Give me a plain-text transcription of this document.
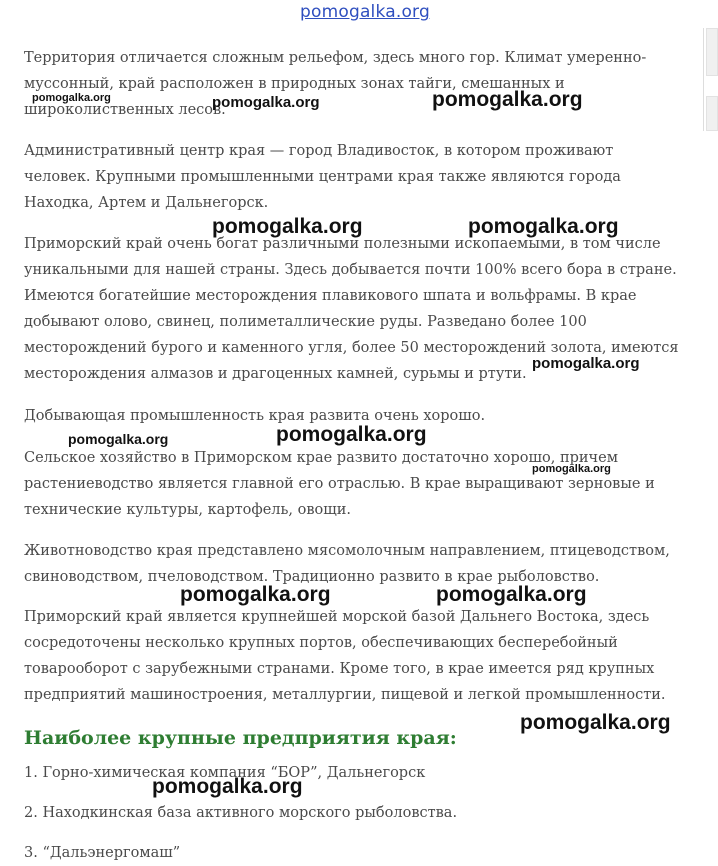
pomogalka.org

Территория отличается сложным рельефом, здесь много гор. Климат умеренно-муссонный, край расположен в природных зонах тайги, смешанных и широколиственных лесов.

Административный центр края — город Владивосток, в котором проживают человек. Крупными промышленными центрами края также являются города Находка, Артем и Дальнегорск.

Приморский край очень богат различными полезными ископаемыми, в том числе уникальными для нашей страны. Здесь добывается почти 100% всего бора в стране. Имеются богатейшие месторождения плавикового шпата и вольфрамы. В крае добывают олово, свинец, полиметаллические руды. Разведано более 100 месторождений бурого и каменного угля, более 50 месторождений золота, имеются месторождения алмазов и драгоценных камней, сурьмы и ртути.

Добывающая промышленность края развита очень хорошо.

Сельское хозяйство в Приморском крае развито достаточно хорошо, причем растениеводство является главной его отраслью. В крае выращивают зерновые и технические культуры, картофель, овощи.

Животноводство края представлено мясомолочным направлением, птицеводством, свиноводством, пчеловодством. Традиционно развито в крае рыболовство.

Приморский край является крупнейшей морской базой Дальнего Востока, здесь сосредоточены несколько крупных портов, обеспечивающих бесперебойный товарооборот с зарубежными странами. Кроме того, в крае имеется ряд крупных предприятий машиностроения, металлургии, пищевой и легкой промышленности.

Наиболее крупные предприятия края:

1. Горно-химическая компания “БОР”, Дальнегорск

2. Находкинская база активного морского рыболовства.

3. “Дальэнергомаш”

pomogalka.org	pomogalka.org	pomogalka.org
pomogalka.org	pomogalka.org
pomogalka.org
pomogalka.org	pomogalka.org
pomogalka.org
pomogalka.org	pomogalka.org
pomogalka.org
pomogalka.org
